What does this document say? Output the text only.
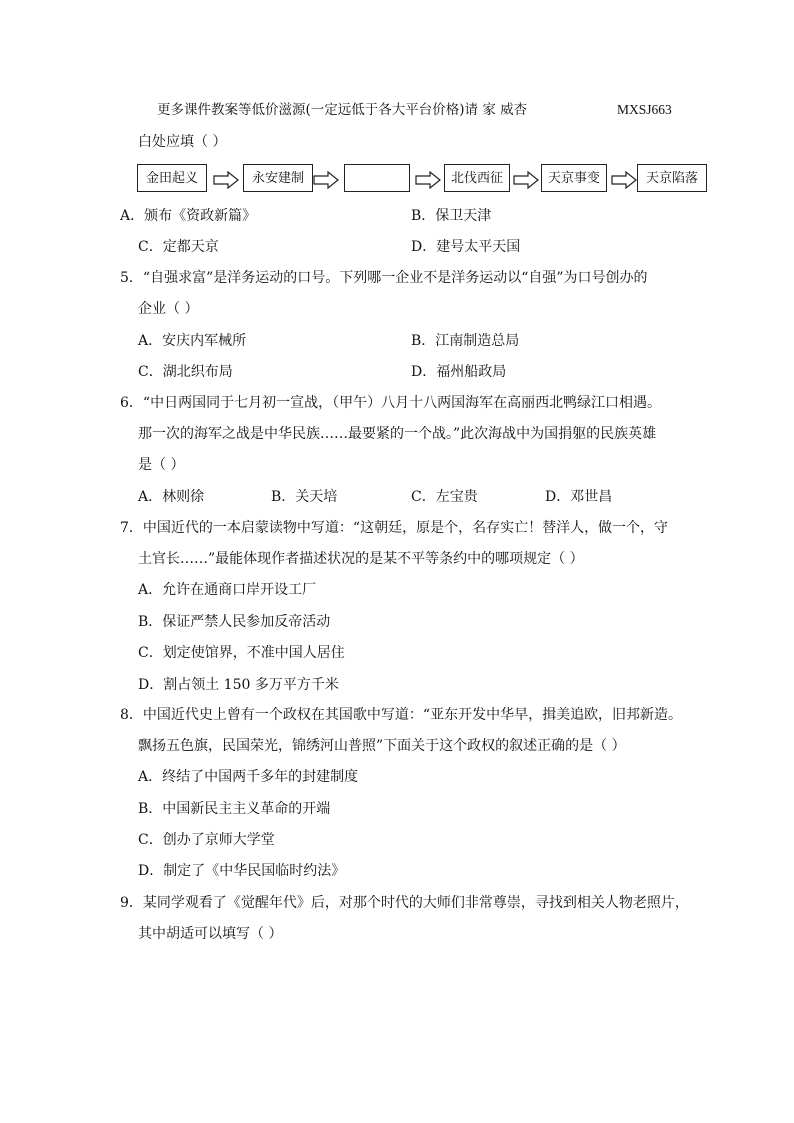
更多课件教案等低价滋源(一定远低于各大平台价格)请 家 威杏	MXSJ663
白处应填（ ）
金田起义	永安建制	北伐西征	天京事变	天京陷落
A．颁布《资政新篇》	B．保卫天津
C．定都天京	D．建号太平天国
5．“自强求富”是洋务运动的口号。下列哪一企业不是洋务运动以“自强”为口号创办的
企业（ ）
A．安庆内军械所	B．江南制造总局
C．湖北织布局	D．福州船政局
6．“中日两国同于七月初一宣战，（甲午）八月十八两国海军在高丽西北鸭绿江口相遇。
那一次的海军之战是中华民族……最要紧的一个战。”此次海战中为国捐躯的民族英雄
是（ ）
A．林则徐	B．关天培	C．左宝贵	D．邓世昌
7．中国近代的一本启蒙读物中写道：“这朝廷，原是个，名存实亡！替洋人，做一个，守
土官长……”最能体现作者描述状况的是某不平等条约中的哪项规定（ ）
A．允许在通商口岸开设工厂
B．保证严禁人民参加反帝活动
C．划定使馆界，不准中国人居住
D．割占领土 150 多万平方千米
8．中国近代史上曾有一个政权在其国歌中写道：“亚东开发中华早，揖美追欧，旧邦新造。
飘扬五色旗，民国荣光，锦绣河山普照”下面关于这个政权的叙述正确的是（ ）
A．终结了中国两千多年的封建制度
B．中国新民主主义革命的开端
C．创办了京师大学堂
D．制定了《中华民国临时约法》
9．某同学观看了《觉醒年代》后，对那个时代的大师们非常尊崇，寻找到相关人物老照片，
其中胡适可以填写（ ）
